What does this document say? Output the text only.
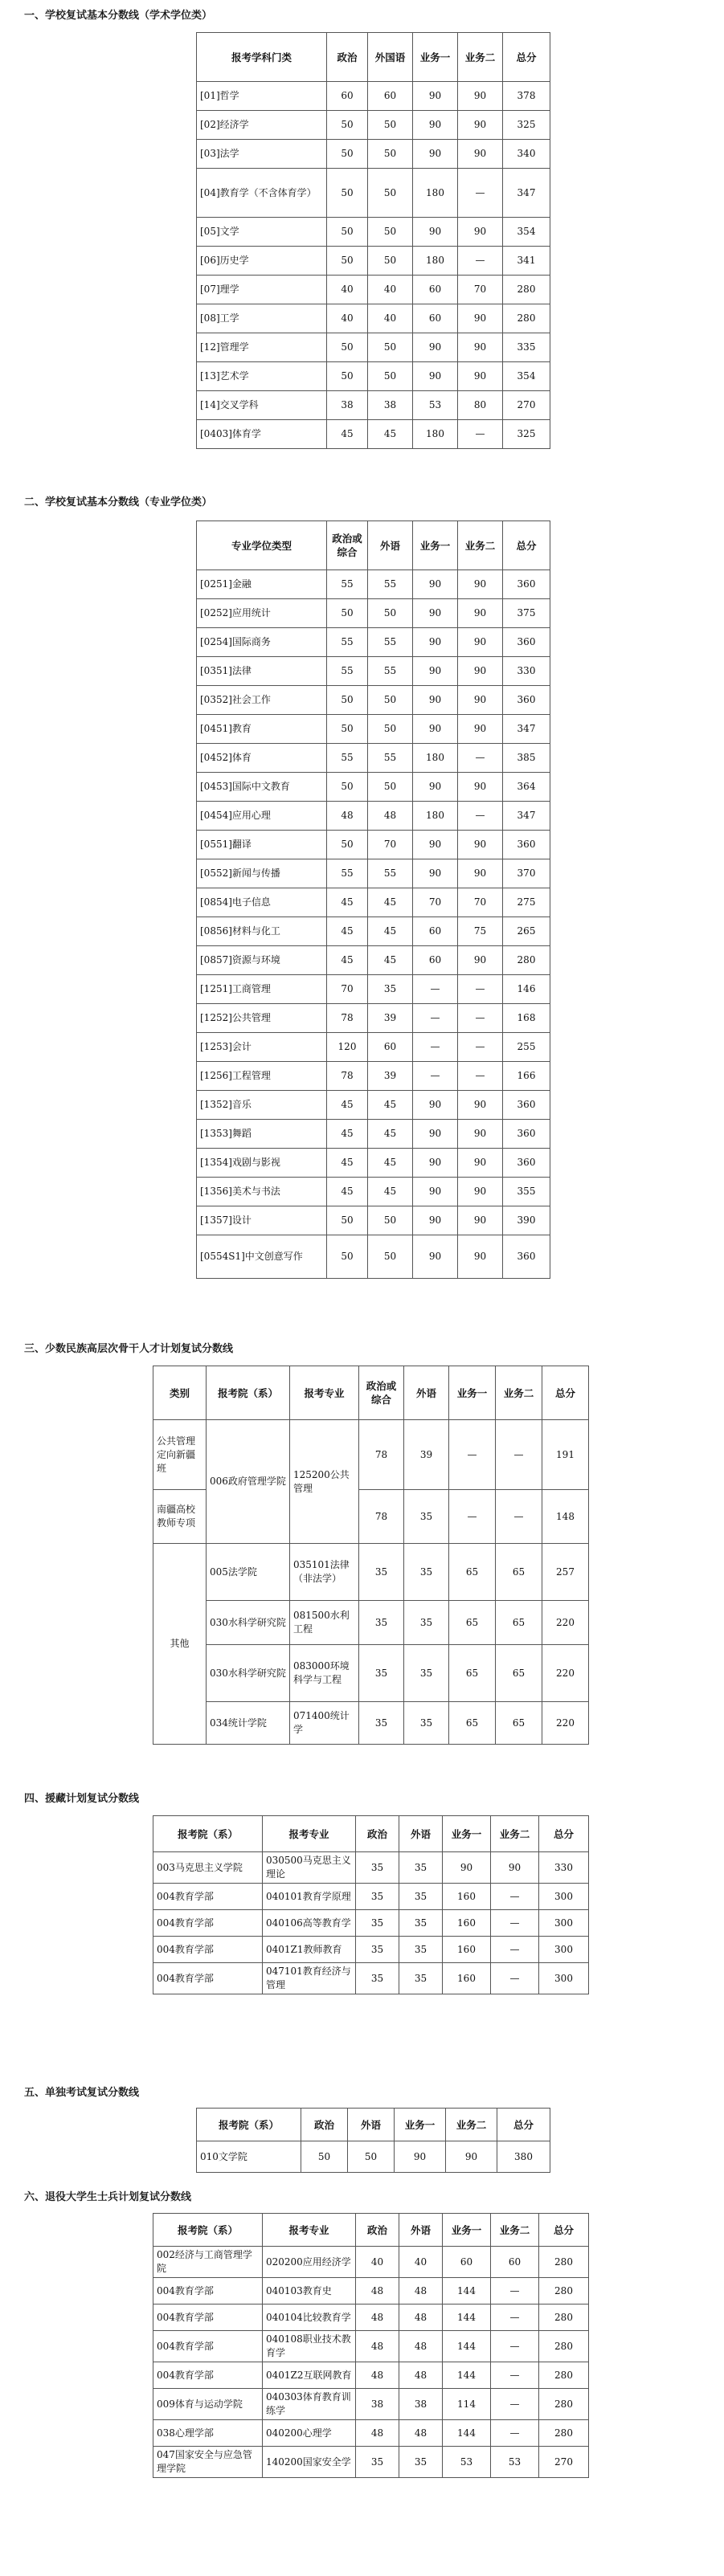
一、学校复试基本分数线（学术学位类）
报考学科门类	政治	外国语	业务一	业务二	总分
[01]哲学	60	60	90	90	378
[02]经济学	50	50	90	90	325
[03]法学	50	50	90	90	340
[04]教育学（不含体育学）	50	50	180	—	347
[05]文学	50	50	90	90	354
[06]历史学	50	50	180	—	341
[07]理学	40	40	60	70	280
[08]工学	40	40	60	90	280
[12]管理学	50	50	90	90	335
[13]艺术学	50	50	90	90	354
[14]交叉学科	38	38	53	80	270
[0403]体育学	45	45	180	—	325
二、学校复试基本分数线（专业学位类）
专业学位类型	政治或综合	外语	业务一	业务二	总分
[0251]金融	55	55	90	90	360
[0252]应用统计	50	50	90	90	375
[0254]国际商务	55	55	90	90	360
[0351]法律	55	55	90	90	330
[0352]社会工作	50	50	90	90	360
[0451]教育	50	50	90	90	347
[0452]体育	55	55	180	—	385
[0453]国际中文教育	50	50	90	90	364
[0454]应用心理	48	48	180	—	347
[0551]翻译	50	70	90	90	360
[0552]新闻与传播	55	55	90	90	370
[0854]电子信息	45	45	70	70	275
[0856]材料与化工	45	45	60	75	265
[0857]资源与环境	45	45	60	90	280
[1251]工商管理	70	35	—	—	146
[1252]公共管理	78	39	—	—	168
[1253]会计	120	60	—	—	255
[1256]工程管理	78	39	—	—	166
[1352]音乐	45	45	90	90	360
[1353]舞蹈	45	45	90	90	360
[1354]戏剧与影视	45	45	90	90	360
[1356]美术与书法	45	45	90	90	355
[1357]设计	50	50	90	90	390
[0554S1]中文创意写作	50	50	90	90	360
三、少数民族高层次骨干人才计划复试分数线
类别	报考院（系）	报考专业	政治或综合	外语	业务一	业务二	总分
公共管理定向新疆班	006政府管理学院	125200公共管理	78	39	—	—	191
南疆高校教师专项			78	35	—	—	148
其他	005法学院	035101法律（非法学）	35	35	65	65	257
	030水科学研究院	081500水利工程	35	35	65	65	220
	030水科学研究院	083000环境科学与工程	35	35	65	65	220
	034统计学院	071400统计学	35	35	65	65	220
四、援藏计划复试分数线
报考院（系）	报考专业	政治	外语	业务一	业务二	总分
003马克思主义学院	030500马克思主义理论	35	35	90	90	330
004教育学部	040101教育学原理	35	35	160	—	300
004教育学部	040106高等教育学	35	35	160	—	300
004教育学部	0401Z1教师教育	35	35	160	—	300
004教育学部	047101教育经济与管理	35	35	160	—	300
五、单独考试复试分数线
报考院（系）	政治	外语	业务一	业务二	总分
010文学院	50	50	90	90	380
六、退役大学生士兵计划复试分数线
报考院（系）	报考专业	政治	外语	业务一	业务二	总分
002经济与工商管理学院	020200应用经济学	40	40	60	60	280
004教育学部	040103教育史	48	48	144	—	280
004教育学部	040104比较教育学	48	48	144	—	280
004教育学部	040108职业技术教育学	48	48	144	—	280
004教育学部	0401Z2互联网教育	48	48	144	—	280
009体育与运动学院	040303体育教育训练学	38	38	114	—	280
038心理学部	040200心理学	48	48	144	—	280
047国家安全与应急管理学院	140200国家安全学	35	35	53	53	270
